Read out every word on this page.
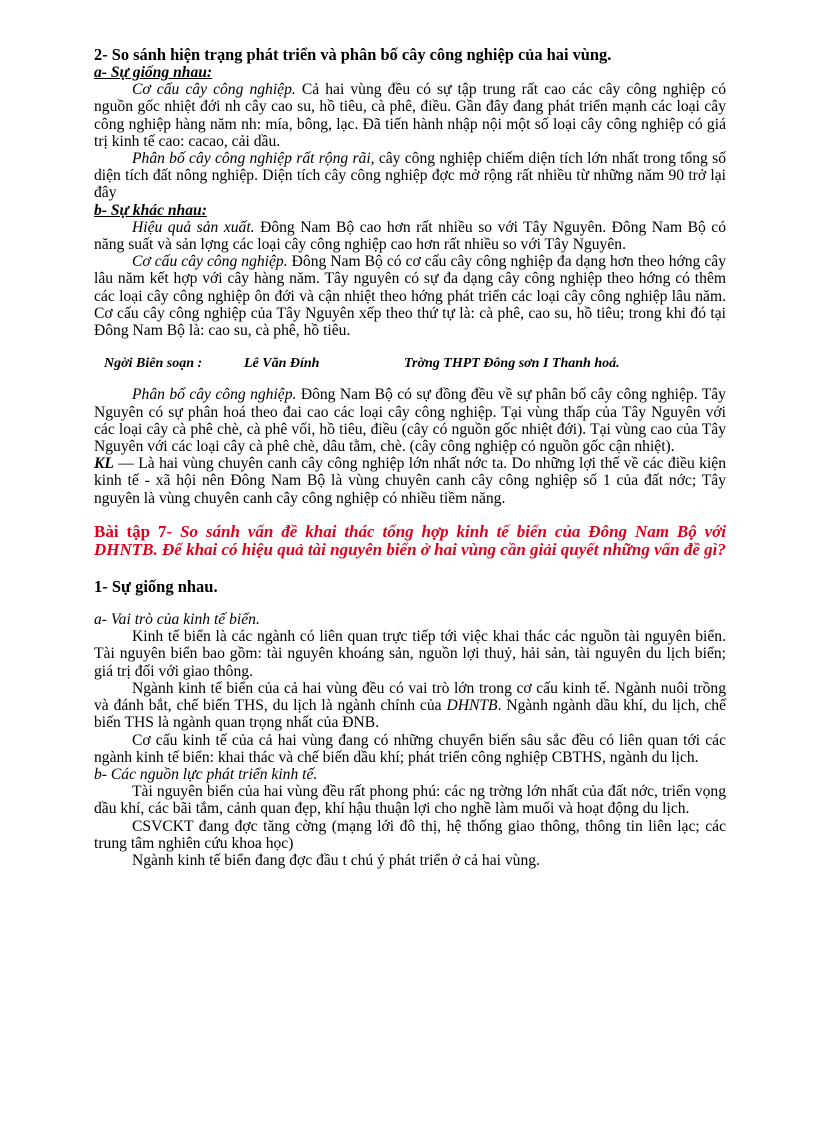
2- So sánh hiện trạng phát triển và phân bố cây công nghiệp của hai vùng.

a- Sự giống nhau:

Cơ cấu cây công nghiệp. Cả hai vùng đều có sự tập trung rất cao các cây công nghiệp có nguồn gốc nhiệt đới nh cây cao su, hồ tiêu, cà phê, điều. Gần đây đang phát triển mạnh các loại cây công nghiệp hàng năm nh: mía, bông, lạc. Đã tiến hành nhập nội một số loại cây công nghiệp có giá trị kinh tế cao: cacao, cải dầu.

Phân bố cây công nghiệp rất rộng rãi, cây công nghiệp chiếm diện tích lớn nhất trong tổng số diện tích đất nông nghiệp. Diện tích cây công nghiệp đợc mở rộng rất nhiều từ những năm 90 trở lại đây

b- Sự khác nhau:

Hiệu quả sản xuất. Đông Nam Bộ cao hơn rất nhiều so với Tây Nguyên. Đông Nam Bộ có năng suất và sản lợng các loại cây công nghiệp cao hơn rất nhiều so với Tây Nguyên.

Cơ cấu cây công nghiệp. Đông Nam Bộ có cơ cấu cây công nghiệp đa dạng hơn theo hớng cây lâu năm kết hợp với cây hàng năm. Tây nguyên có sự đa dạng cây công nghiệp theo hớng có thêm các loại cây công nghiệp ôn đới và cận nhiệt theo hớng phát triển các loại cây công nghiệp lâu năm. Cơ cấu cây công nghiệp của Tây Nguyên xếp theo thứ tự là: cà phê, cao su, hồ tiêu; trong khi đó tại Đông Nam Bộ là: cao su, cà phê, hồ tiêu.

Ngời Biên soạn :	Lê Văn Đính	Trờng THPT Đông sơn I Thanh hoá.

Phân bố cây công nghiệp. Đông Nam Bộ có sự đồng đều về sự phân bố cây công nghiệp. Tây Nguyên có sự phân hoá theo đai cao các loại cây công nghiệp. Tại vùng thấp của Tây Nguyên với các loại cây cà phê chè, cà phê vối, hồ tiêu, điều (cây có nguồn gốc nhiệt đới). Tại vùng cao của Tây Nguyên với các loại cây cà phê chè, dâu tằm, chè. (cây công nghiệp có nguồn gốc cận nhiệt).

KL — Là hai vùng chuyên canh cây công nghiệp lớn nhất nớc ta. Do những lợi thế về các điều kiện kinh tế - xã hội nên Đông Nam Bộ là vùng chuyên canh cây công nghiệp số 1 của đất nớc; Tây nguyên là vùng chuyên canh cây công nghiệp có nhiều tiềm năng.

Bài tập 7- So sánh vấn đề khai thác tổng hợp kinh tế biển của Đông Nam Bộ với DHNTB. Để khai có hiệu quả tài nguyên biển ở hai vùng cần giải quyết những vấn đề gì?

1- Sự giống nhau.

a- Vai trò của kinh tế biển.

Kinh tế biển là các ngành có liên quan trực tiếp tới việc khai thác các nguồn tài nguyên biển. Tài nguyên biển bao gồm: tài nguyên khoáng sản, nguồn lợi thuỷ, hải sản, tài nguyên du lịch biển; giá trị đối với giao thông.

Ngành kinh tế biển của cả hai vùng đều có vai trò lớn trong cơ cấu kinh tế. Ngành nuôi trồng và đánh bắt, chế biến THS, du lịch là ngành chính của DHNTB. Ngành ngành dầu khí, du lịch, chế biến THS là ngành quan trọng nhất của ĐNB.

Cơ cấu kinh tế của cả hai vùng đang có những chuyển biến sâu sắc đều có liên quan tới các ngành kinh tế biển: khai thác và chế biến dầu khí; phát triển công nghiệp CBTHS, ngành du lịch.

b- Các nguồn lực phát triển kinh tế.

Tài nguyên biển của hai vùng đều rất phong phú: các ng trờng lớn nhất của đất nớc, triển vọng dầu khí, các bãi tắm, cảnh quan đẹp, khí hậu thuận lợi cho nghề làm muối và hoạt động du lịch.

CSVCKT đang đợc tăng cờng (mạng lới đô thị, hệ thống giao thông, thông tin liên lạc; các trung tâm nghiên cứu khoa học)

Ngành kinh tế biển đang đợc đầu t chú ý phát triển ở cả hai vùng.
